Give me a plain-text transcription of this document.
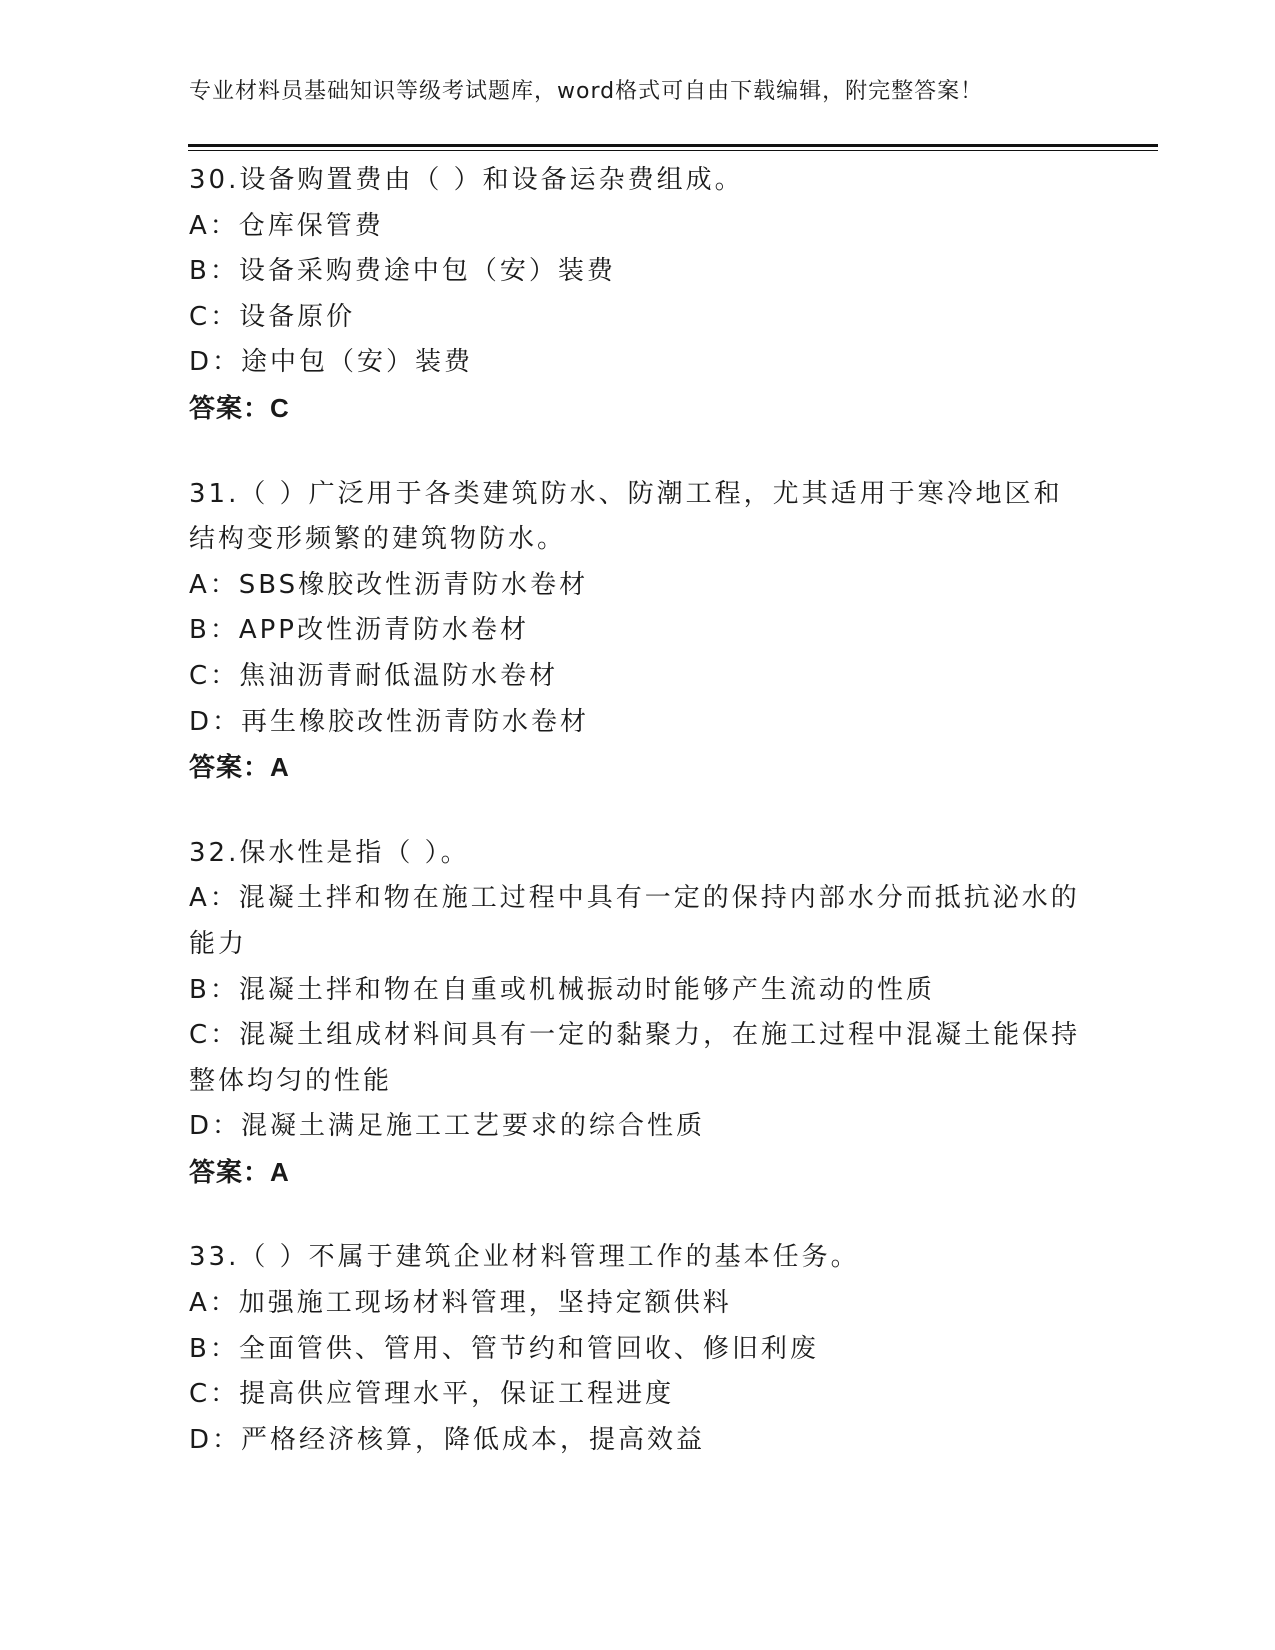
专业材料员基础知识等级考试题库，word格式可自由下载编辑，附完整答案！

30.设备购置费由（ ）和设备运杂费组成。

A：仓库保管费

B：设备采购费途中包（安）装费

C：设备原价

D：途中包（安）装费

答案：C

31.（ ）广泛用于各类建筑防水、防潮工程，尤其适用于寒冷地区和结构变形频繁的建筑物防水。

A：SBS橡胶改性沥青防水卷材

B：APP改性沥青防水卷材

C：焦油沥青耐低温防水卷材

D：再生橡胶改性沥青防水卷材

答案：A

32.保水性是指（ ）。

A：混凝土拌和物在施工过程中具有一定的保持内部水分而抵抗泌水的能力

B：混凝土拌和物在自重或机械振动时能够产生流动的性质

C：混凝土组成材料间具有一定的黏聚力，在施工过程中混凝土能保持整体均匀的性能

D：混凝土满足施工工艺要求的综合性质

答案：A

33.（ ）不属于建筑企业材料管理工作的基本任务。

A：加强施工现场材料管理，坚持定额供料

B：全面管供、管用、管节约和管回收、修旧利废

C：提高供应管理水平，保证工程进度

D：严格经济核算，降低成本，提高效益
